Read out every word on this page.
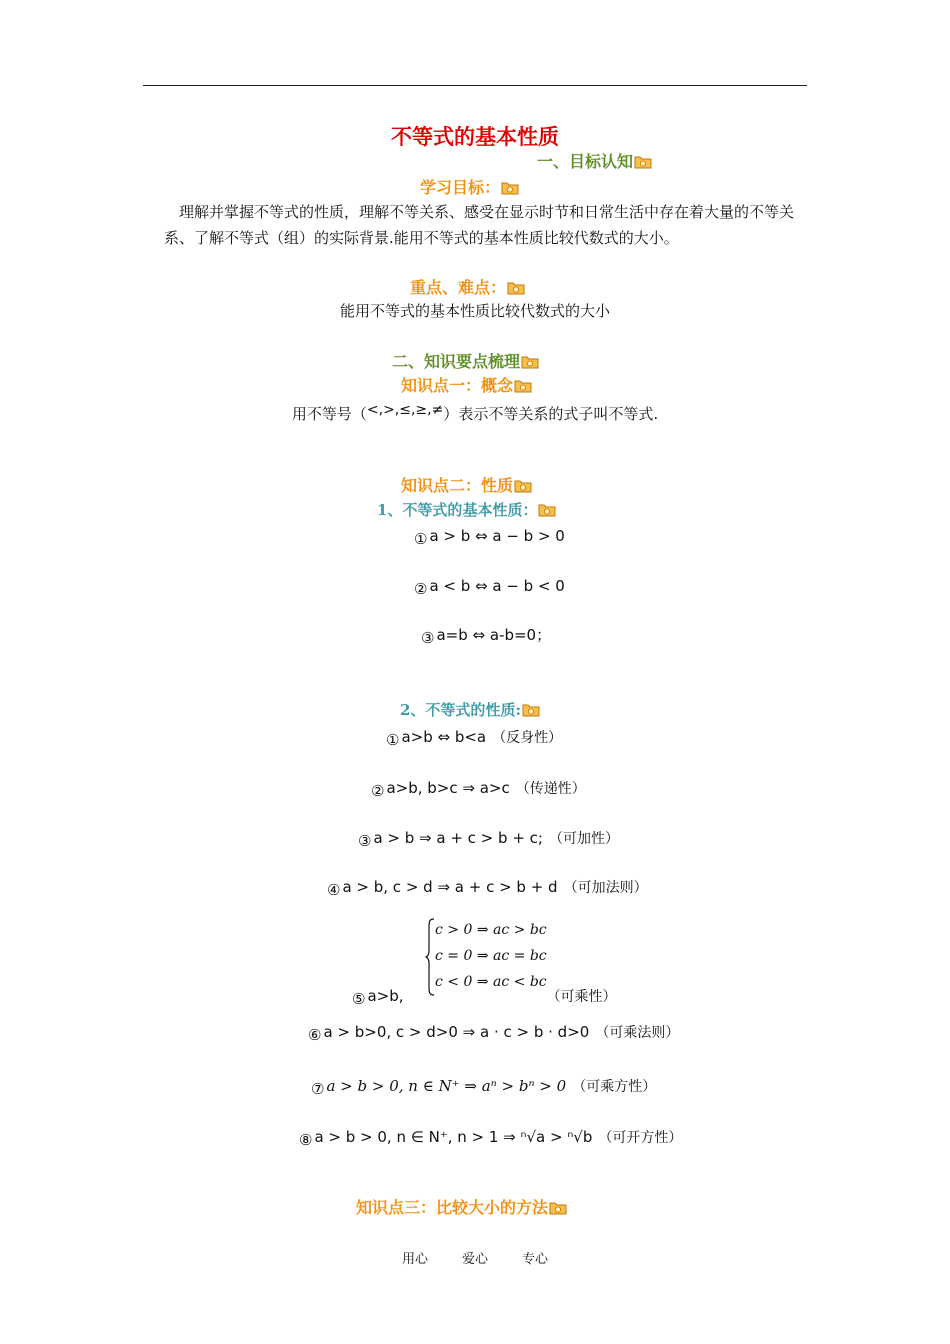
不等式的基本性质
一、目标认知
学习目标：
理解并掌握不等式的性质，理解不等关系、感受在显示时节和日常生活中存在着大量的不等关系、了解不等式（组）的实际背景.能用不等式的基本性质比较代数式的大小。
重点、难点：
能用不等式的基本性质比较代数式的大小
二、知识要点梳理
知识点一：概念
用不等号（<,>,≤,≥,≠）表示不等关系的式子叫不等式.
知识点二：性质
1、不等式的基本性质：
① a > b ⇔ a − b > 0
② a < b ⇔ a − b < 0
③ a=b ⇔ a-b=0；
2、不等式的性质:
① a>b ⇔ b<a （反身性）
② a>b, b>c ⇒ a>c （传递性）
③ a > b ⇒ a + c > b + c; （可加性）
④ a > b, c > d ⇒ a + c > b + d （可加法则）
c > 0 ⇒ ac > bc
c = 0 ⇒ ac = bc
c < 0 ⇒ ac < bc
⑤ a>b,	（可乘性）
⑥ a > b>0, c > d>0 ⇒ a · c > b · d>0 （可乘法则）
⑦ a > b > 0, n ∈ N⁺ ⇒ aⁿ > bⁿ > 0 （可乘方性）
⑧ a > b > 0, n ∈ N⁺, n > 1 ⇒ ⁿ√a > ⁿ√b （可开方性）
知识点三：比较大小的方法
用心	爱心	专心
